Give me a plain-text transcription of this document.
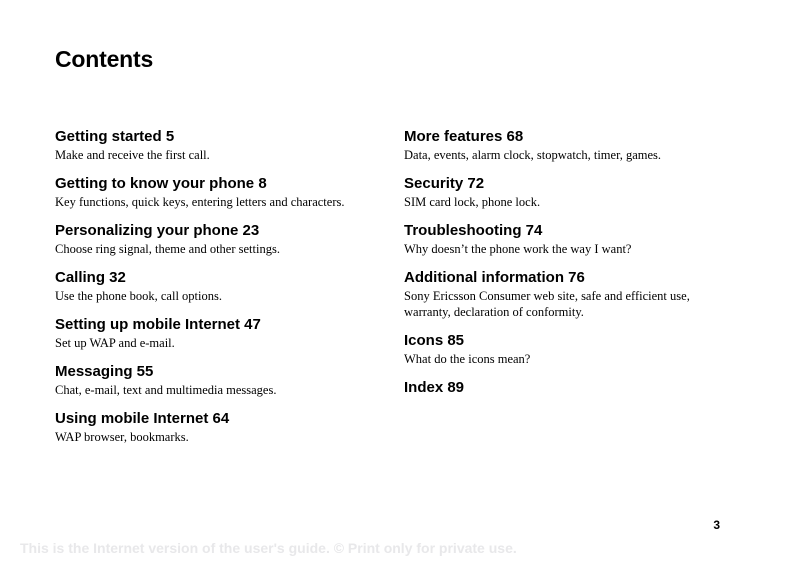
Contents
Getting started 5
Make and receive the first call.
Getting to know your phone 8
Key functions, quick keys, entering letters and characters.
Personalizing your phone 23
Choose ring signal, theme and other settings.
Calling 32
Use the phone book, call options.
Setting up mobile Internet 47
Set up WAP and e-mail.
Messaging 55
Chat, e-mail, text and multimedia messages.
Using mobile Internet 64
WAP browser, bookmarks.
More features 68
Data, events, alarm clock, stopwatch, timer, games.
Security 72
SIM card lock, phone lock.
Troubleshooting 74
Why doesn’t the phone work the way I want?
Additional information 76
Sony Ericsson Consumer web site, safe and efficient use, warranty, declaration of conformity.
Icons 85
What do the icons mean?
Index 89
3
This is the Internet version of the user's guide. © Print only for private use.
